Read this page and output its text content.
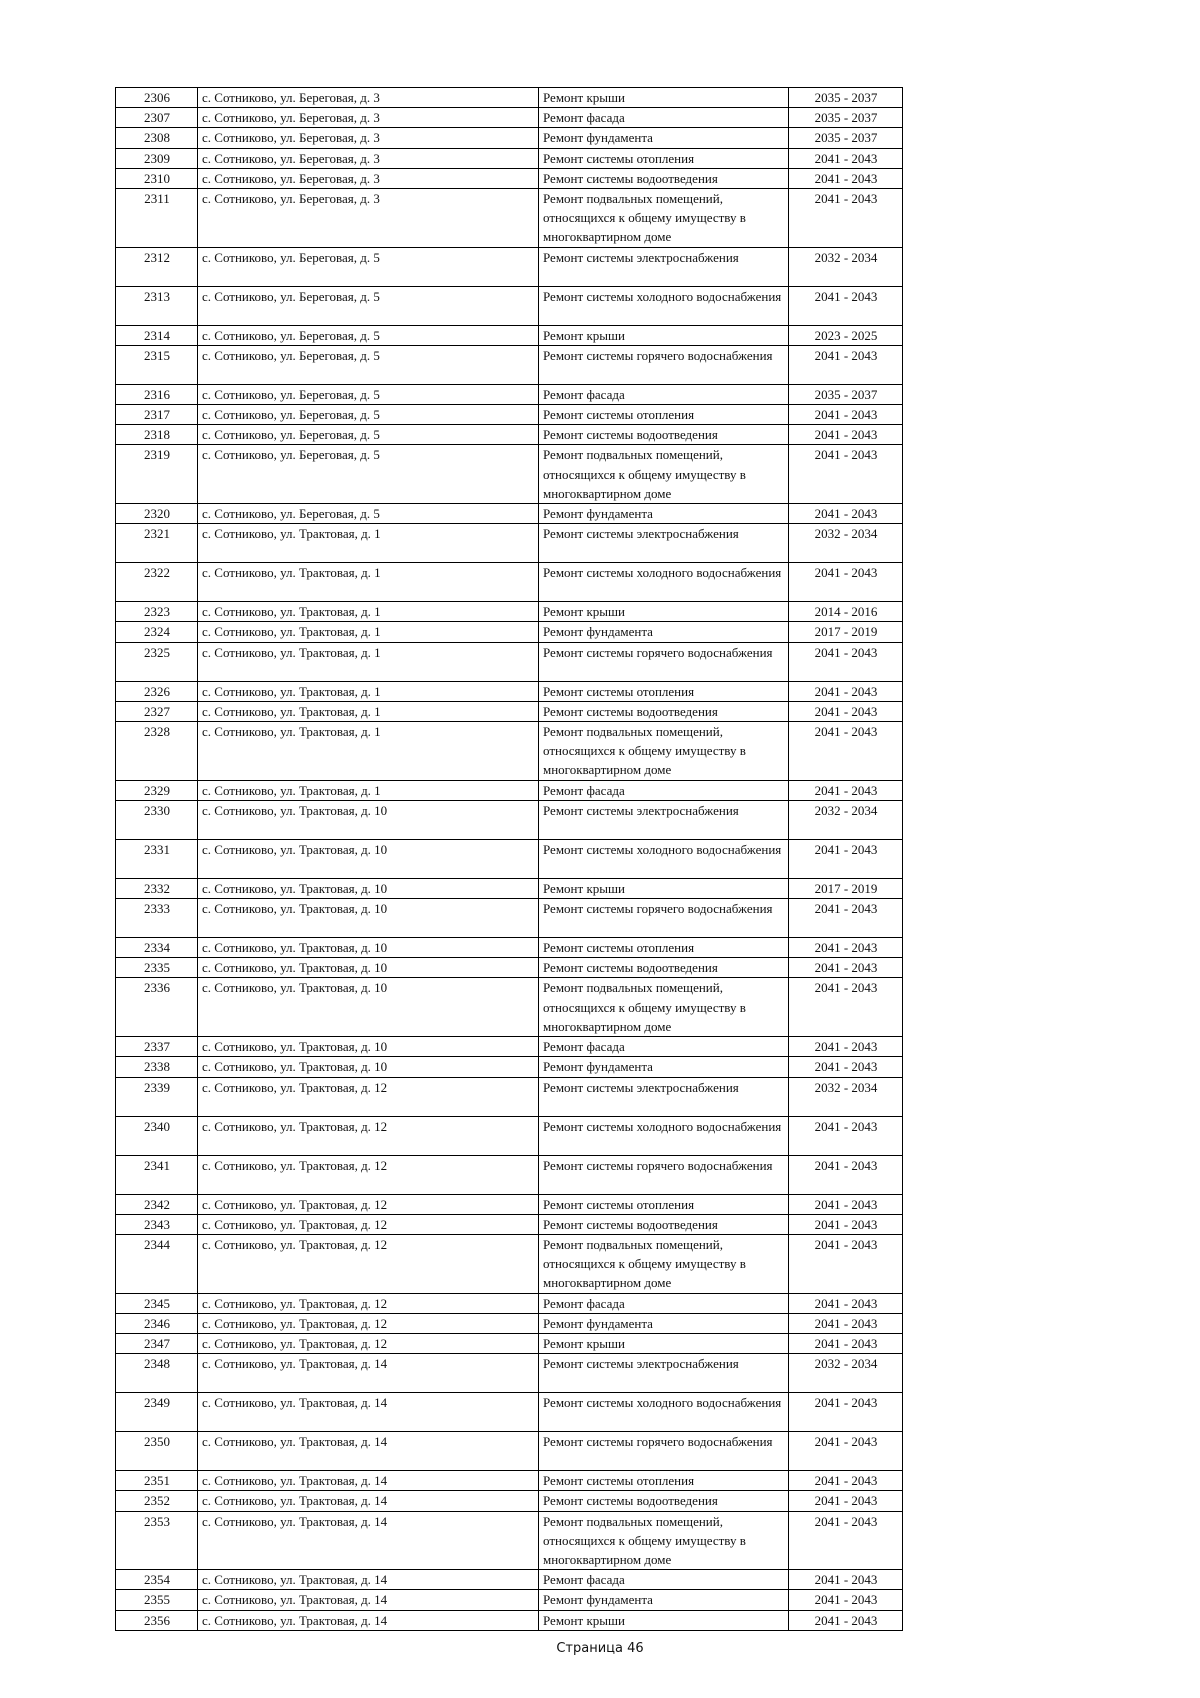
2306	с. Сотниково, ул. Береговая, д. 3	Ремонт крыши	2035 - 2037
2307	с. Сотниково, ул. Береговая, д. 3	Ремонт фасада	2035 - 2037
2308	с. Сотниково, ул. Береговая, д. 3	Ремонт фундамента	2035 - 2037
2309	с. Сотниково, ул. Береговая, д. 3	Ремонт системы отопления	2041 - 2043
2310	с. Сотниково, ул. Береговая, д. 3	Ремонт системы водоотведения	2041 - 2043
2311	с. Сотниково, ул. Береговая, д. 3	Ремонт подвальных помещений, относящихся к общему имуществу в многоквартирном доме	2041 - 2043
2312	с. Сотниково, ул. Береговая, д. 5	Ремонт системы электроснабжения	2032 - 2034
2313	с. Сотниково, ул. Береговая, д. 5	Ремонт системы холодного водоснабжения	2041 - 2043
2314	с. Сотниково, ул. Береговая, д. 5	Ремонт крыши	2023 - 2025
2315	с. Сотниково, ул. Береговая, д. 5	Ремонт системы горячего водоснабжения	2041 - 2043
2316	с. Сотниково, ул. Береговая, д. 5	Ремонт фасада	2035 - 2037
2317	с. Сотниково, ул. Береговая, д. 5	Ремонт системы отопления	2041 - 2043
2318	с. Сотниково, ул. Береговая, д. 5	Ремонт системы водоотведения	2041 - 2043
2319	с. Сотниково, ул. Береговая, д. 5	Ремонт подвальных помещений, относящихся к общему имуществу в многоквартирном доме	2041 - 2043
2320	с. Сотниково, ул. Береговая, д. 5	Ремонт фундамента	2041 - 2043
2321	с. Сотниково, ул. Трактовая, д. 1	Ремонт системы электроснабжения	2032 - 2034
2322	с. Сотниково, ул. Трактовая, д. 1	Ремонт системы холодного водоснабжения	2041 - 2043
2323	с. Сотниково, ул. Трактовая, д. 1	Ремонт крыши	2014 - 2016
2324	с. Сотниково, ул. Трактовая, д. 1	Ремонт фундамента	2017 - 2019
2325	с. Сотниково, ул. Трактовая, д. 1	Ремонт системы горячего водоснабжения	2041 - 2043
2326	с. Сотниково, ул. Трактовая, д. 1	Ремонт системы отопления	2041 - 2043
2327	с. Сотниково, ул. Трактовая, д. 1	Ремонт системы водоотведения	2041 - 2043
2328	с. Сотниково, ул. Трактовая, д. 1	Ремонт подвальных помещений, относящихся к общему имуществу в многоквартирном доме	2041 - 2043
2329	с. Сотниково, ул. Трактовая, д. 1	Ремонт фасада	2041 - 2043
2330	с. Сотниково, ул. Трактовая, д. 10	Ремонт системы электроснабжения	2032 - 2034
2331	с. Сотниково, ул. Трактовая, д. 10	Ремонт системы холодного водоснабжения	2041 - 2043
2332	с. Сотниково, ул. Трактовая, д. 10	Ремонт крыши	2017 - 2019
2333	с. Сотниково, ул. Трактовая, д. 10	Ремонт системы горячего водоснабжения	2041 - 2043
2334	с. Сотниково, ул. Трактовая, д. 10	Ремонт системы отопления	2041 - 2043
2335	с. Сотниково, ул. Трактовая, д. 10	Ремонт системы водоотведения	2041 - 2043
2336	с. Сотниково, ул. Трактовая, д. 10	Ремонт подвальных помещений, относящихся к общему имуществу в многоквартирном доме	2041 - 2043
2337	с. Сотниково, ул. Трактовая, д. 10	Ремонт фасада	2041 - 2043
2338	с. Сотниково, ул. Трактовая, д. 10	Ремонт фундамента	2041 - 2043
2339	с. Сотниково, ул. Трактовая, д. 12	Ремонт системы электроснабжения	2032 - 2034
2340	с. Сотниково, ул. Трактовая, д. 12	Ремонт системы холодного водоснабжения	2041 - 2043
2341	с. Сотниково, ул. Трактовая, д. 12	Ремонт системы горячего водоснабжения	2041 - 2043
2342	с. Сотниково, ул. Трактовая, д. 12	Ремонт системы отопления	2041 - 2043
2343	с. Сотниково, ул. Трактовая, д. 12	Ремонт системы водоотведения	2041 - 2043
2344	с. Сотниково, ул. Трактовая, д. 12	Ремонт подвальных помещений, относящихся к общему имуществу в многоквартирном доме	2041 - 2043
2345	с. Сотниково, ул. Трактовая, д. 12	Ремонт фасада	2041 - 2043
2346	с. Сотниково, ул. Трактовая, д. 12	Ремонт фундамента	2041 - 2043
2347	с. Сотниково, ул. Трактовая, д. 12	Ремонт крыши	2041 - 2043
2348	с. Сотниково, ул. Трактовая, д. 14	Ремонт системы электроснабжения	2032 - 2034
2349	с. Сотниково, ул. Трактовая, д. 14	Ремонт системы холодного водоснабжения	2041 - 2043
2350	с. Сотниково, ул. Трактовая, д. 14	Ремонт системы горячего водоснабжения	2041 - 2043
2351	с. Сотниково, ул. Трактовая, д. 14	Ремонт системы отопления	2041 - 2043
2352	с. Сотниково, ул. Трактовая, д. 14	Ремонт системы водоотведения	2041 - 2043
2353	с. Сотниково, ул. Трактовая, д. 14	Ремонт подвальных помещений, относящихся к общему имуществу в многоквартирном доме	2041 - 2043
2354	с. Сотниково, ул. Трактовая, д. 14	Ремонт фасада	2041 - 2043
2355	с. Сотниково, ул. Трактовая, д. 14	Ремонт фундамента	2041 - 2043
2356	с. Сотниково, ул. Трактовая, д. 14	Ремонт крыши	2041 - 2043
Страница 46
